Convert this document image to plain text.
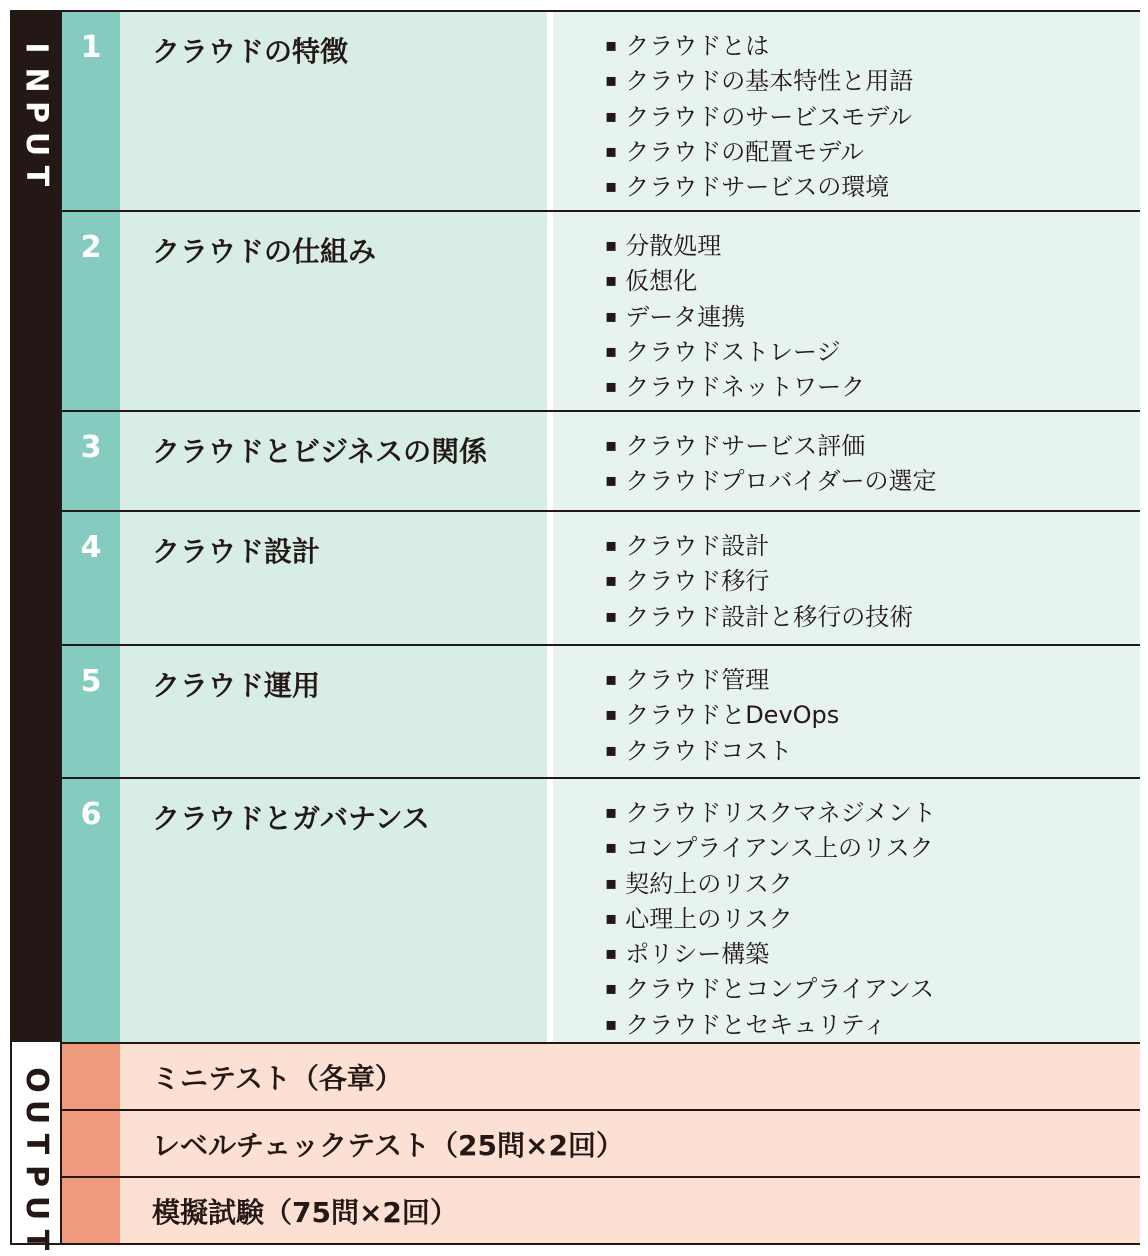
I
N
P
U
T
O
U
T
P
U
T
1	クラウドの特徴	▪ クラウドとは
▪ クラウドの基本特性と用語
▪ クラウドのサービスモデル
▪ クラウドの配置モデル
▪ クラウドサービスの環境
2	クラウドの仕組み	▪ 分散処理
▪ 仮想化
▪ データ連携
▪ クラウドストレージ
▪ クラウドネットワーク
3	クラウドとビジネスの関係	▪ クラウドサービス評価
▪ クラウドプロバイダーの選定
4	クラウド設計	▪ クラウド設計
▪ クラウド移行
▪ クラウド設計と移行の技術
5	クラウド運用	▪ クラウド管理
▪ クラウドとDevOps
▪ クラウドコスト
6	クラウドとガバナンス	▪ クラウドリスクマネジメント
▪ コンプライアンス上のリスク
▪ 契約上のリスク
▪ 心理上のリスク
▪ ポリシー構築
▪ クラウドとコンプライアンス
▪ クラウドとセキュリティ
ミニテスト（各章）
レベルチェックテスト（25問×2回）
模擬試験（75問×2回）
